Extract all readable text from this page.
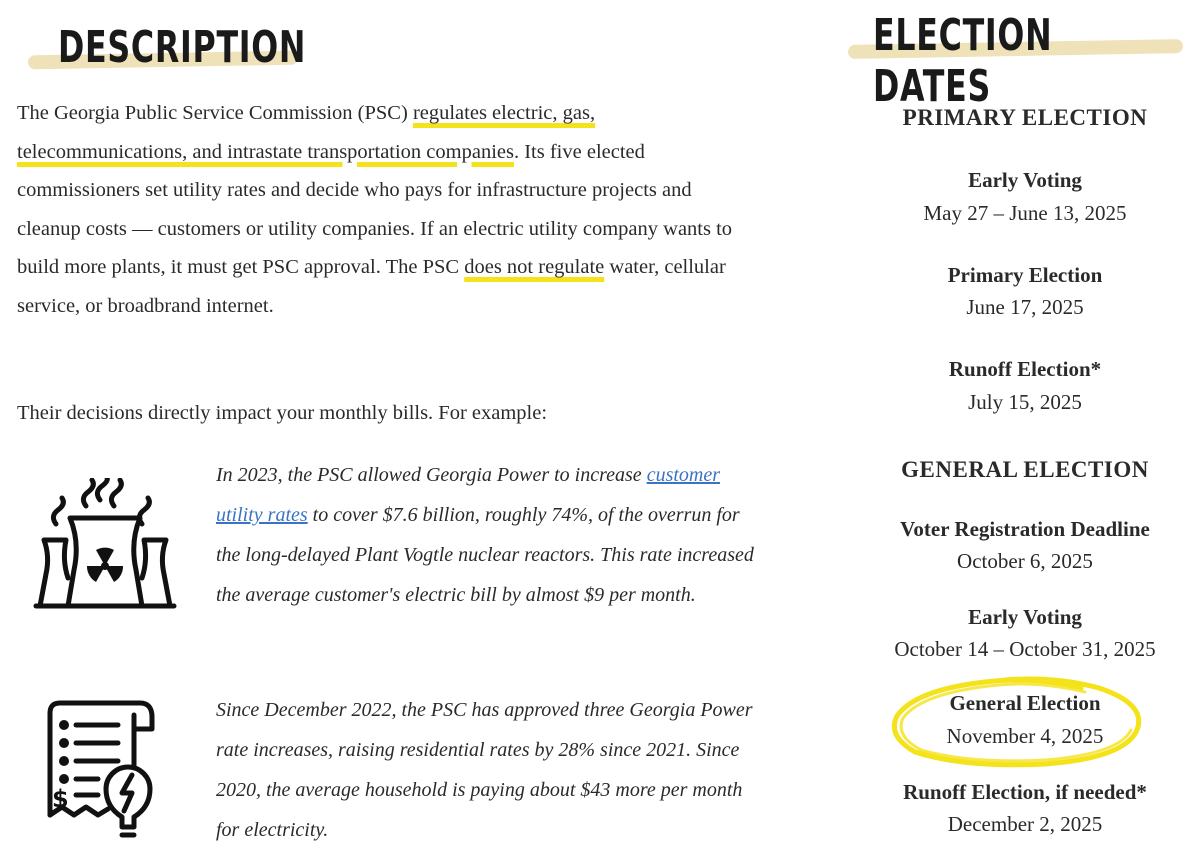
DESCRIPTION	ELECTION DATES

The Georgia Public Service Commission (PSC) regulates electric, gas, telecommunications, and intrastate transportation companies. Its five elected commissioners set utility rates and decide who pays for infrastructure projects and cleanup costs — customers or utility companies. If an electric utility company wants to build more plants, it must get PSC approval. The PSC does not regulate water, cellular service, or broadbrand internet.

Their decisions directly impact your monthly bills. For example:

In 2023, the PSC allowed Georgia Power to increase customer utility rates to cover $7.6 billion, roughly 74%, of the overrun for the long-delayed Plant Vogtle nuclear reactors. This rate increased the average customer's electric bill by almost $9 per month.

$

Since December 2022, the PSC has approved three Georgia Power rate increases, raising residential rates by 28% since 2021. Since 2020, the average household is paying about $43 more per month for electricity.

PRIMARY ELECTION
Early Voting
May 27 – June 13, 2025
Primary Election
June 17, 2025
Runoff Election*
July 15, 2025
GENERAL ELECTION
Voter Registration Deadline
October 6, 2025
Early Voting
October 14 – October 31, 2025
General Election
November 4, 2025
Runoff Election, if needed*
December 2, 2025
